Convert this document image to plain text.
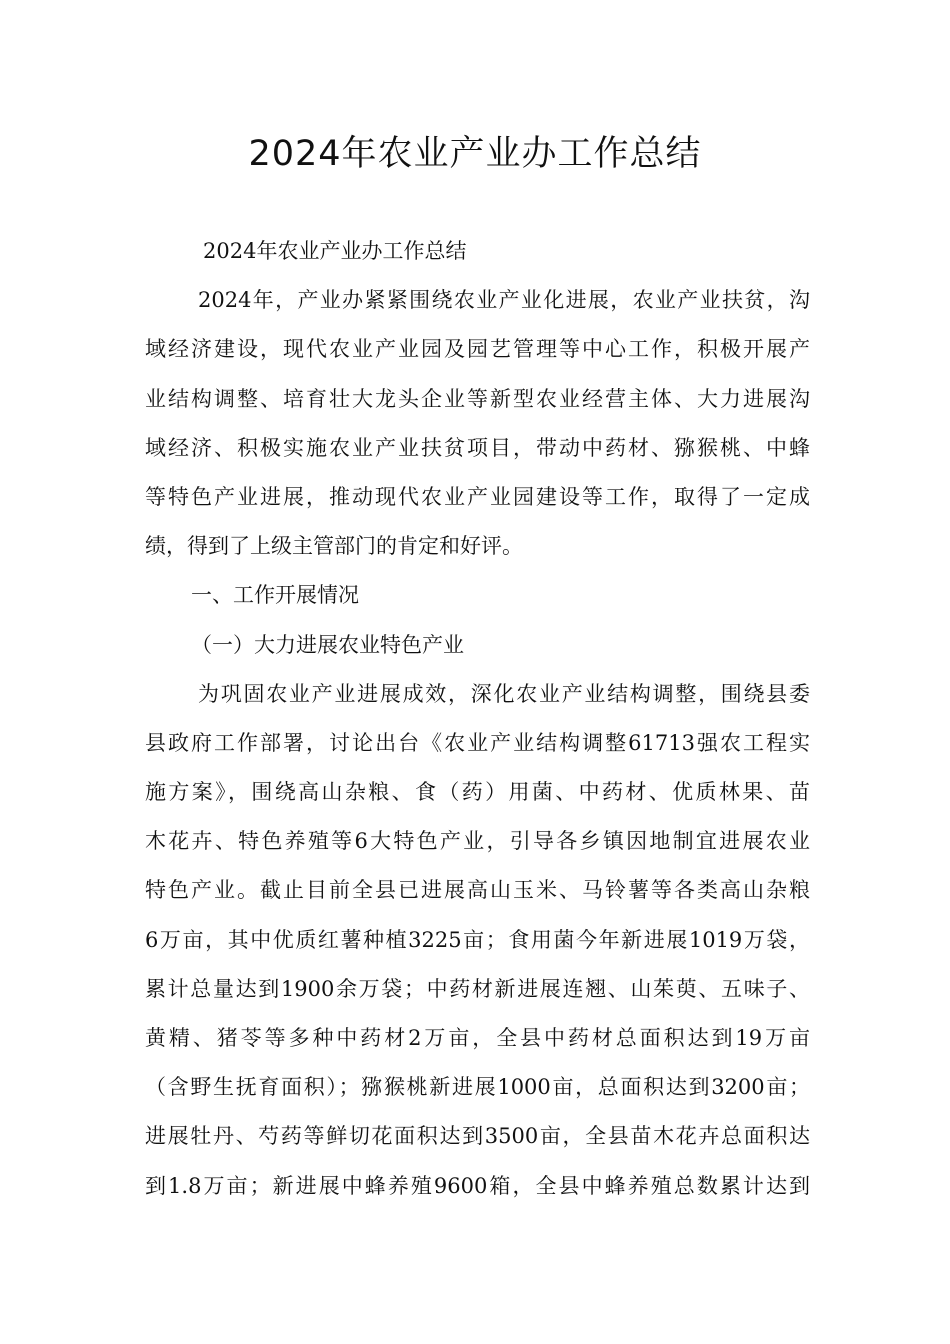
2024年农业产业办工作总结
2024年农业产业办工作总结
2024年，产业办紧紧围绕农业产业化进展，农业产业扶贫，沟
域经济建设，现代农业产业园及园艺管理等中心工作，积极开展产
业结构调整、培育壮大龙头企业等新型农业经营主体、大力进展沟
域经济、积极实施农业产业扶贫项目，带动中药材、猕猴桃、中蜂
等特色产业进展，推动现代农业产业园建设等工作，取得了一定成
绩，得到了上级主管部门的肯定和好评。
一、工作开展情况
（一）大力进展农业特色产业
为巩固农业产业进展成效，深化农业产业结构调整，围绕县委
县政府工作部署，讨论出台《农业产业结构调整61713强农工程实
施方案》，围绕高山杂粮、食（药）用菌、中药材、优质林果、苗
木花卉、特色养殖等6大特色产业，引导各乡镇因地制宜进展农业
特色产业。截止目前全县已进展高山玉米、马铃薯等各类高山杂粮
6万亩，其中优质红薯种植3225亩；食用菌今年新进展1019万袋，
累计总量达到1900余万袋；中药材新进展连翘、山茱萸、五味子、
黄精、猪苓等多种中药材2万亩，全县中药材总面积达到19万亩
（含野生抚育面积）；猕猴桃新进展1000亩，总面积达到3200亩；
进展牡丹、芍药等鲜切花面积达到3500亩，全县苗木花卉总面积达
到1.8万亩；新进展中蜂养殖9600箱，全县中蜂养殖总数累计达到
